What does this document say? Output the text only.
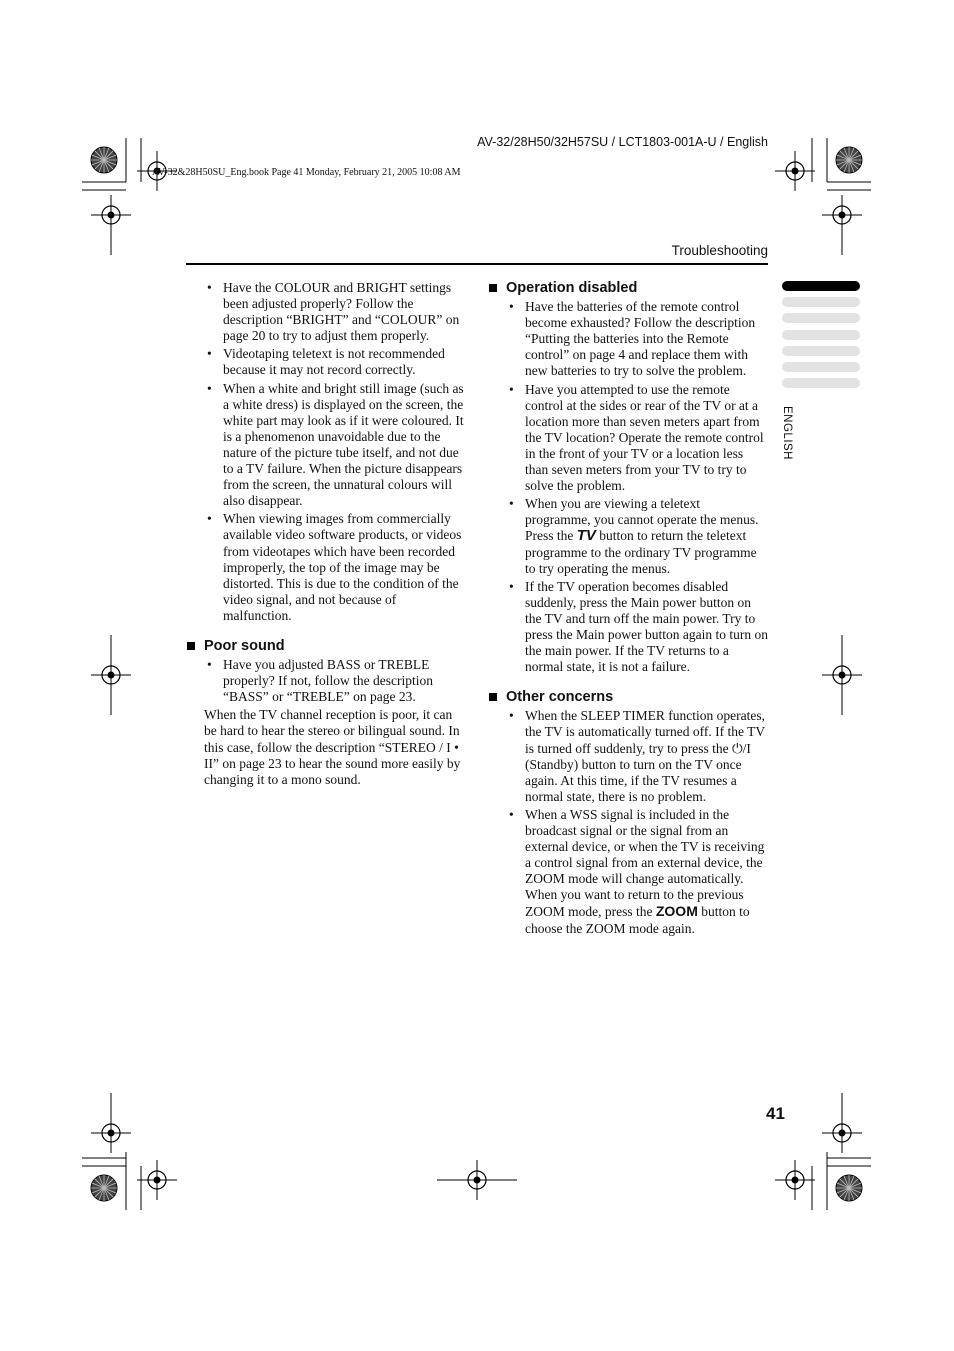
AV-32/28H50/32H57SU / LCT1803-001A-U / English
AV-32&28H50SU_Eng.book Page 41 Monday, February 21, 2005 10:08 AM
Troubleshooting
ENGLISH
• Have the COLOUR and BRIGHT settings been adjusted properly? Follow the description “BRIGHT” and “COLOUR” on page 20 to try to adjust them properly.
• Videotaping teletext is not recommended because it may not record correctly.
• When a white and bright still image (such as a white dress) is displayed on the screen, the white part may look as if it were coloured. It is a phenomenon unavoidable due to the nature of the picture tube itself, and not due to a TV failure. When the picture disappears from the screen, the unnatural colours will also disappear.
• When viewing images from commercially available video software products, or videos from videotapes which have been recorded improperly, the top of the image may be distorted. This is due to the condition of the video signal, and not because of malfunction.
Poor sound
• Have you adjusted BASS or TREBLE properly? If not, follow the description “BASS” or “TREBLE” on page 23.

When the TV channel reception is poor, it can be hard to hear the stereo or bilingual sound. In this case, follow the description “STEREO / I • II” on page 23 to hear the sound more easily by changing it to a mono sound.

Operation disabled
• Have the batteries of the remote control become exhausted? Follow the description “Putting the batteries into the Remote control” on page 4 and replace them with new batteries to try to solve the problem.
• Have you attempted to use the remote control at the sides or rear of the TV or at a location more than seven meters apart from the TV location? Operate the remote control in the front of your TV or a location less than seven meters from your TV to try to solve the problem.
• When you are viewing a teletext programme, you cannot operate the menus. Press the TV button to return the teletext programme to the ordinary TV programme to try operating the menus.
• If the TV operation becomes disabled suddenly, press the Main power button on the TV and turn off the main power. Try to press the Main power button again to turn on the main power. If the TV returns to a normal state, it is not a failure.
Other concerns
• When the SLEEP TIMER function operates, the TV is automatically turned off. If the TV is turned off suddenly, try to press the ⏻/I (Standby) button to turn on the TV once again. At this time, if the TV resumes a normal state, there is no problem.
• When a WSS signal is included in the broadcast signal or the signal from an external device, or when the TV is receiving a control signal from an external device, the ZOOM mode will change automatically. When you want to return to the previous ZOOM mode, press the ZOOM button to choose the ZOOM mode again.
41
